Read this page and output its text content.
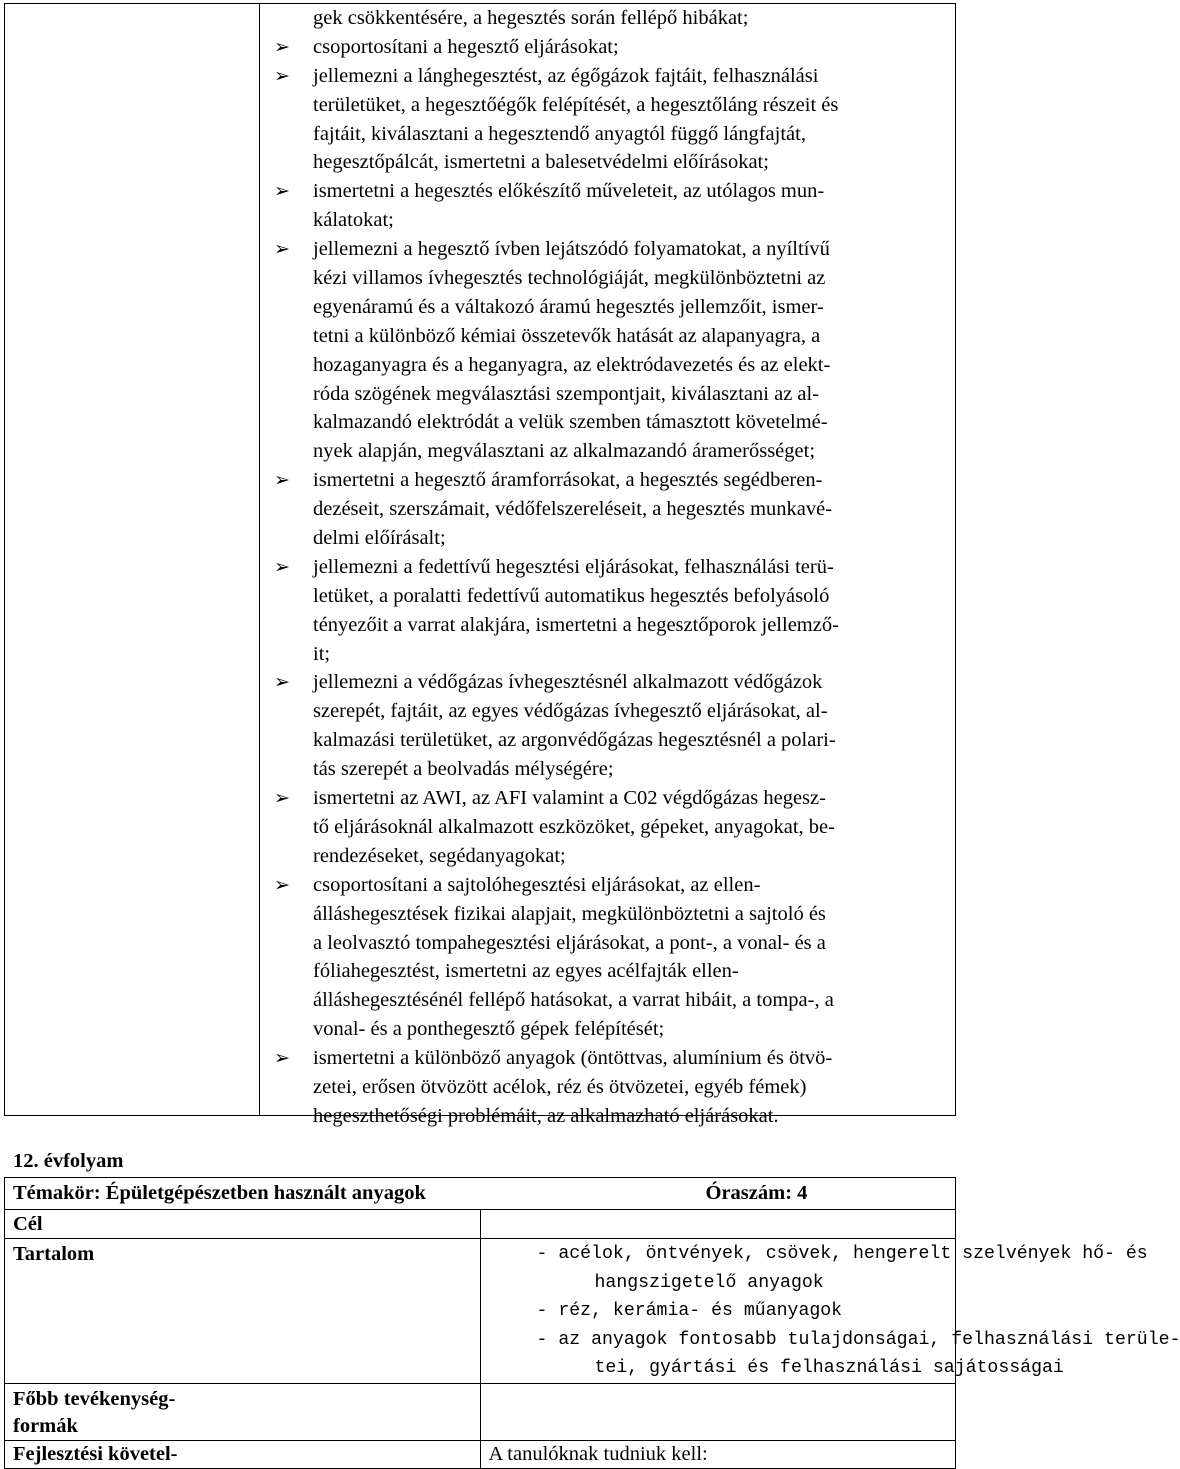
gek csökkentésére, a hegesztés során fellépő hibákat;
➢ csoportosítani a hegesztő eljárásokat;
➢ jellemezni a lánghegesztést, az égőgázok fajtáit, felhasználási
területüket, a hegesztőégők felépítését, a hegesztőláng részeit és
fajtáit, kiválasztani a hegesztendő anyagtól függő lángfajtát,
hegesztőpálcát, ismertetni a balesetvédelmi előírásokat;
➢ ismertetni a hegesztés előkészítő műveleteit, az utólagos mun-
kálatokat;
➢ jellemezni a hegesztő ívben lejátszódó folyamatokat, a nyíltívű
kézi villamos ívhegesztés technológiáját, megkülönböztetni az
egyenáramú és a váltakozó áramú hegesztés jellemzőit, ismer-
tetni a különböző kémiai összetevők hatását az alapanyagra, a
hozaganyagra és a heganyagra, az elektródavezetés és az elekt-
róda szögének megválasztási szempontjait, kiválasztani az al-
kalmazandó elektródát a velük szemben támasztott követelmé-
nyek alapján, megválasztani az alkalmazandó áramerősséget;
➢ ismertetni a hegesztő áramforrásokat, a hegesztés segédberen-
dezéseit, szerszámait, védőfelszereléseit, a hegesztés munkavé-
delmi előírásalt;
➢ jellemezni a fedettívű hegesztési eljárásokat, felhasználási terü-
letüket, a poralatti fedettívű automatikus hegesztés befolyásoló
tényezőit a varrat alakjára, ismertetni a hegesztőporok jellemző-
it;
➢ jellemezni a védőgázas ívhegesztésnél alkalmazott védőgázok
szerepét, fajtáit, az egyes védőgázas ívhegesztő eljárásokat, al-
kalmazási területüket, az argonvédőgázas hegesztésnél a polari-
tás szerepét a beolvadás mélységére;
➢ ismertetni az AWI, az AFI valamint a C02 végdőgázas hegesz-
tő eljárásoknál alkalmazott eszközöket, gépeket, anyagokat, be-
rendezéseket, segédanyagokat;
➢ csoportosítani a sajtolóhegesztési eljárásokat, az ellen-
álláshegesztések fizikai alapjait, megkülönböztetni a sajtoló és
a leolvasztó tompahegesztési eljárásokat, a pont-, a vonal- és a
fóliahegesztést, ismertetni az egyes acélfajták ellen-
álláshegesztésénél fellépő hatásokat, a varrat hibáit, a tompa-, a
vonal- és a ponthegesztő gépek felépítését;
➢ ismertetni a különböző anyagok (öntöttvas, alumínium és ötvö-
zetei, erősen ötvözött acélok, réz és ötvözetei, egyéb fémek)
hegeszthetőségi problémáit, az alkalmazható eljárásokat.
12. évfolyam
Témakör: Épületgépészetben használt anyagok Óraszám: 4	

Cél	
Tartalom	- acélok, öntvények, csövek, hengerelt szelvények hő- és
hangszigetelő anyagok
- réz, kerámia- és műanyagok
- az anyagok fontosabb tulajdonságai, felhasználási terüle-
tei, gyártási és felhasználási sajátosságai

Főbb tevékenység-
formák	

Fejlesztési követel-	A tanulóknak tudniuk kell:
